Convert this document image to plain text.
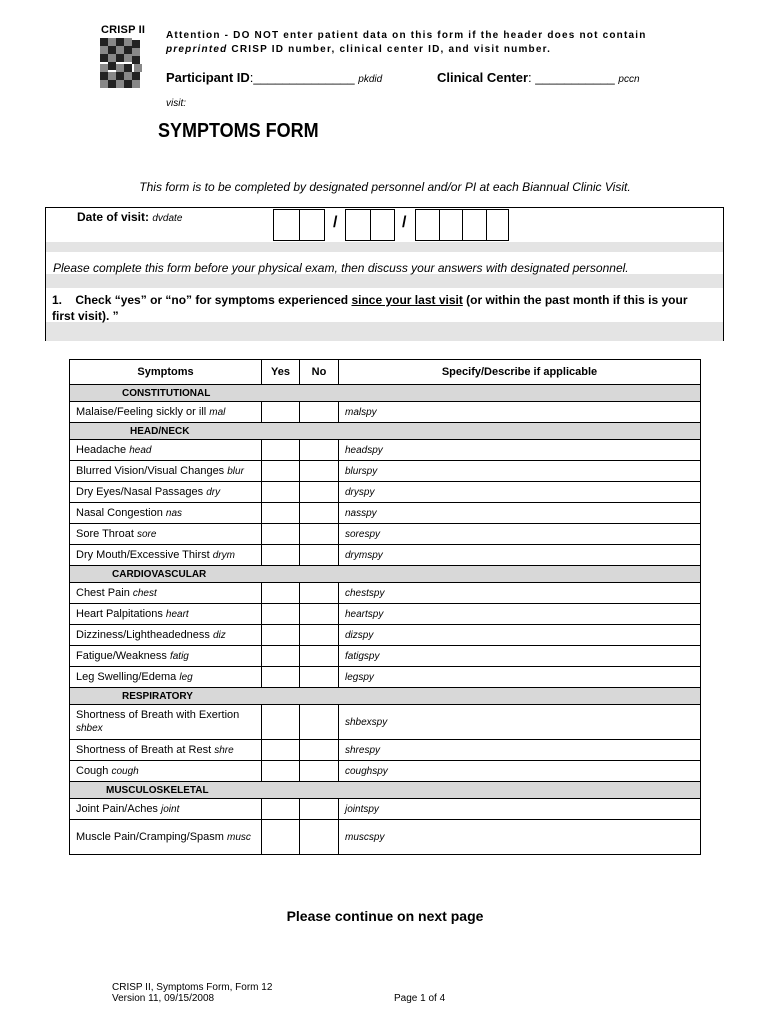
CRISP II Attention - DO NOT enter patient data on this form if the header does not contain
preprinted CRISP ID number, clinical center ID, and visit number.
Participant ID:______________ pkdid	Clinical Center: ___________ pccn
visit:
SYMPTOMS FORM
This form is to be completed by designated personnel and/or PI at each Biannual Clinic Visit.
Date of visit: dvdate	/	/
Please complete this form before your physical exam, then discuss your answers with designated personnel.
1. Check “yes” or “no” for symptoms experienced since your last visit (or within the past month if this is your first visit). ”
Symptoms	Yes	No	Specify/Describe if applicable
CONSTITUTIONAL			
Malaise/Feeling sickly or ill mal			malspy
HEAD/NECK			
Headache head			headspy
Blurred Vision/Visual Changes blur			blurspy
Dry Eyes/Nasal Passages dry			dryspy
Nasal Congestion nas			nasspy
Sore Throat sore			sorespy
Dry Mouth/Excessive Thirst drym			drymspy
CARDIOVASCULAR			
Chest Pain chest			chestspy
Heart Palpitations heart			heartspy
Dizziness/Lightheadedness diz			dizspy
Fatigue/Weakness fatig			fatigspy
Leg Swelling/Edema leg			legspy
RESPIRATORY			
Shortness of Breath with Exertion
shbex			shbexspy
Shortness of Breath at Rest shre			shrespy
Cough cough			coughspy
MUSCULOSKELETAL			
Joint Pain/Aches joint			jointspy
Muscle Pain/Cramping/Spasm musc			muscspy
Please continue on next page
CRISP II, Symptoms Form, Form 12
Version 11, 09/15/2008	Page 1 of 4
